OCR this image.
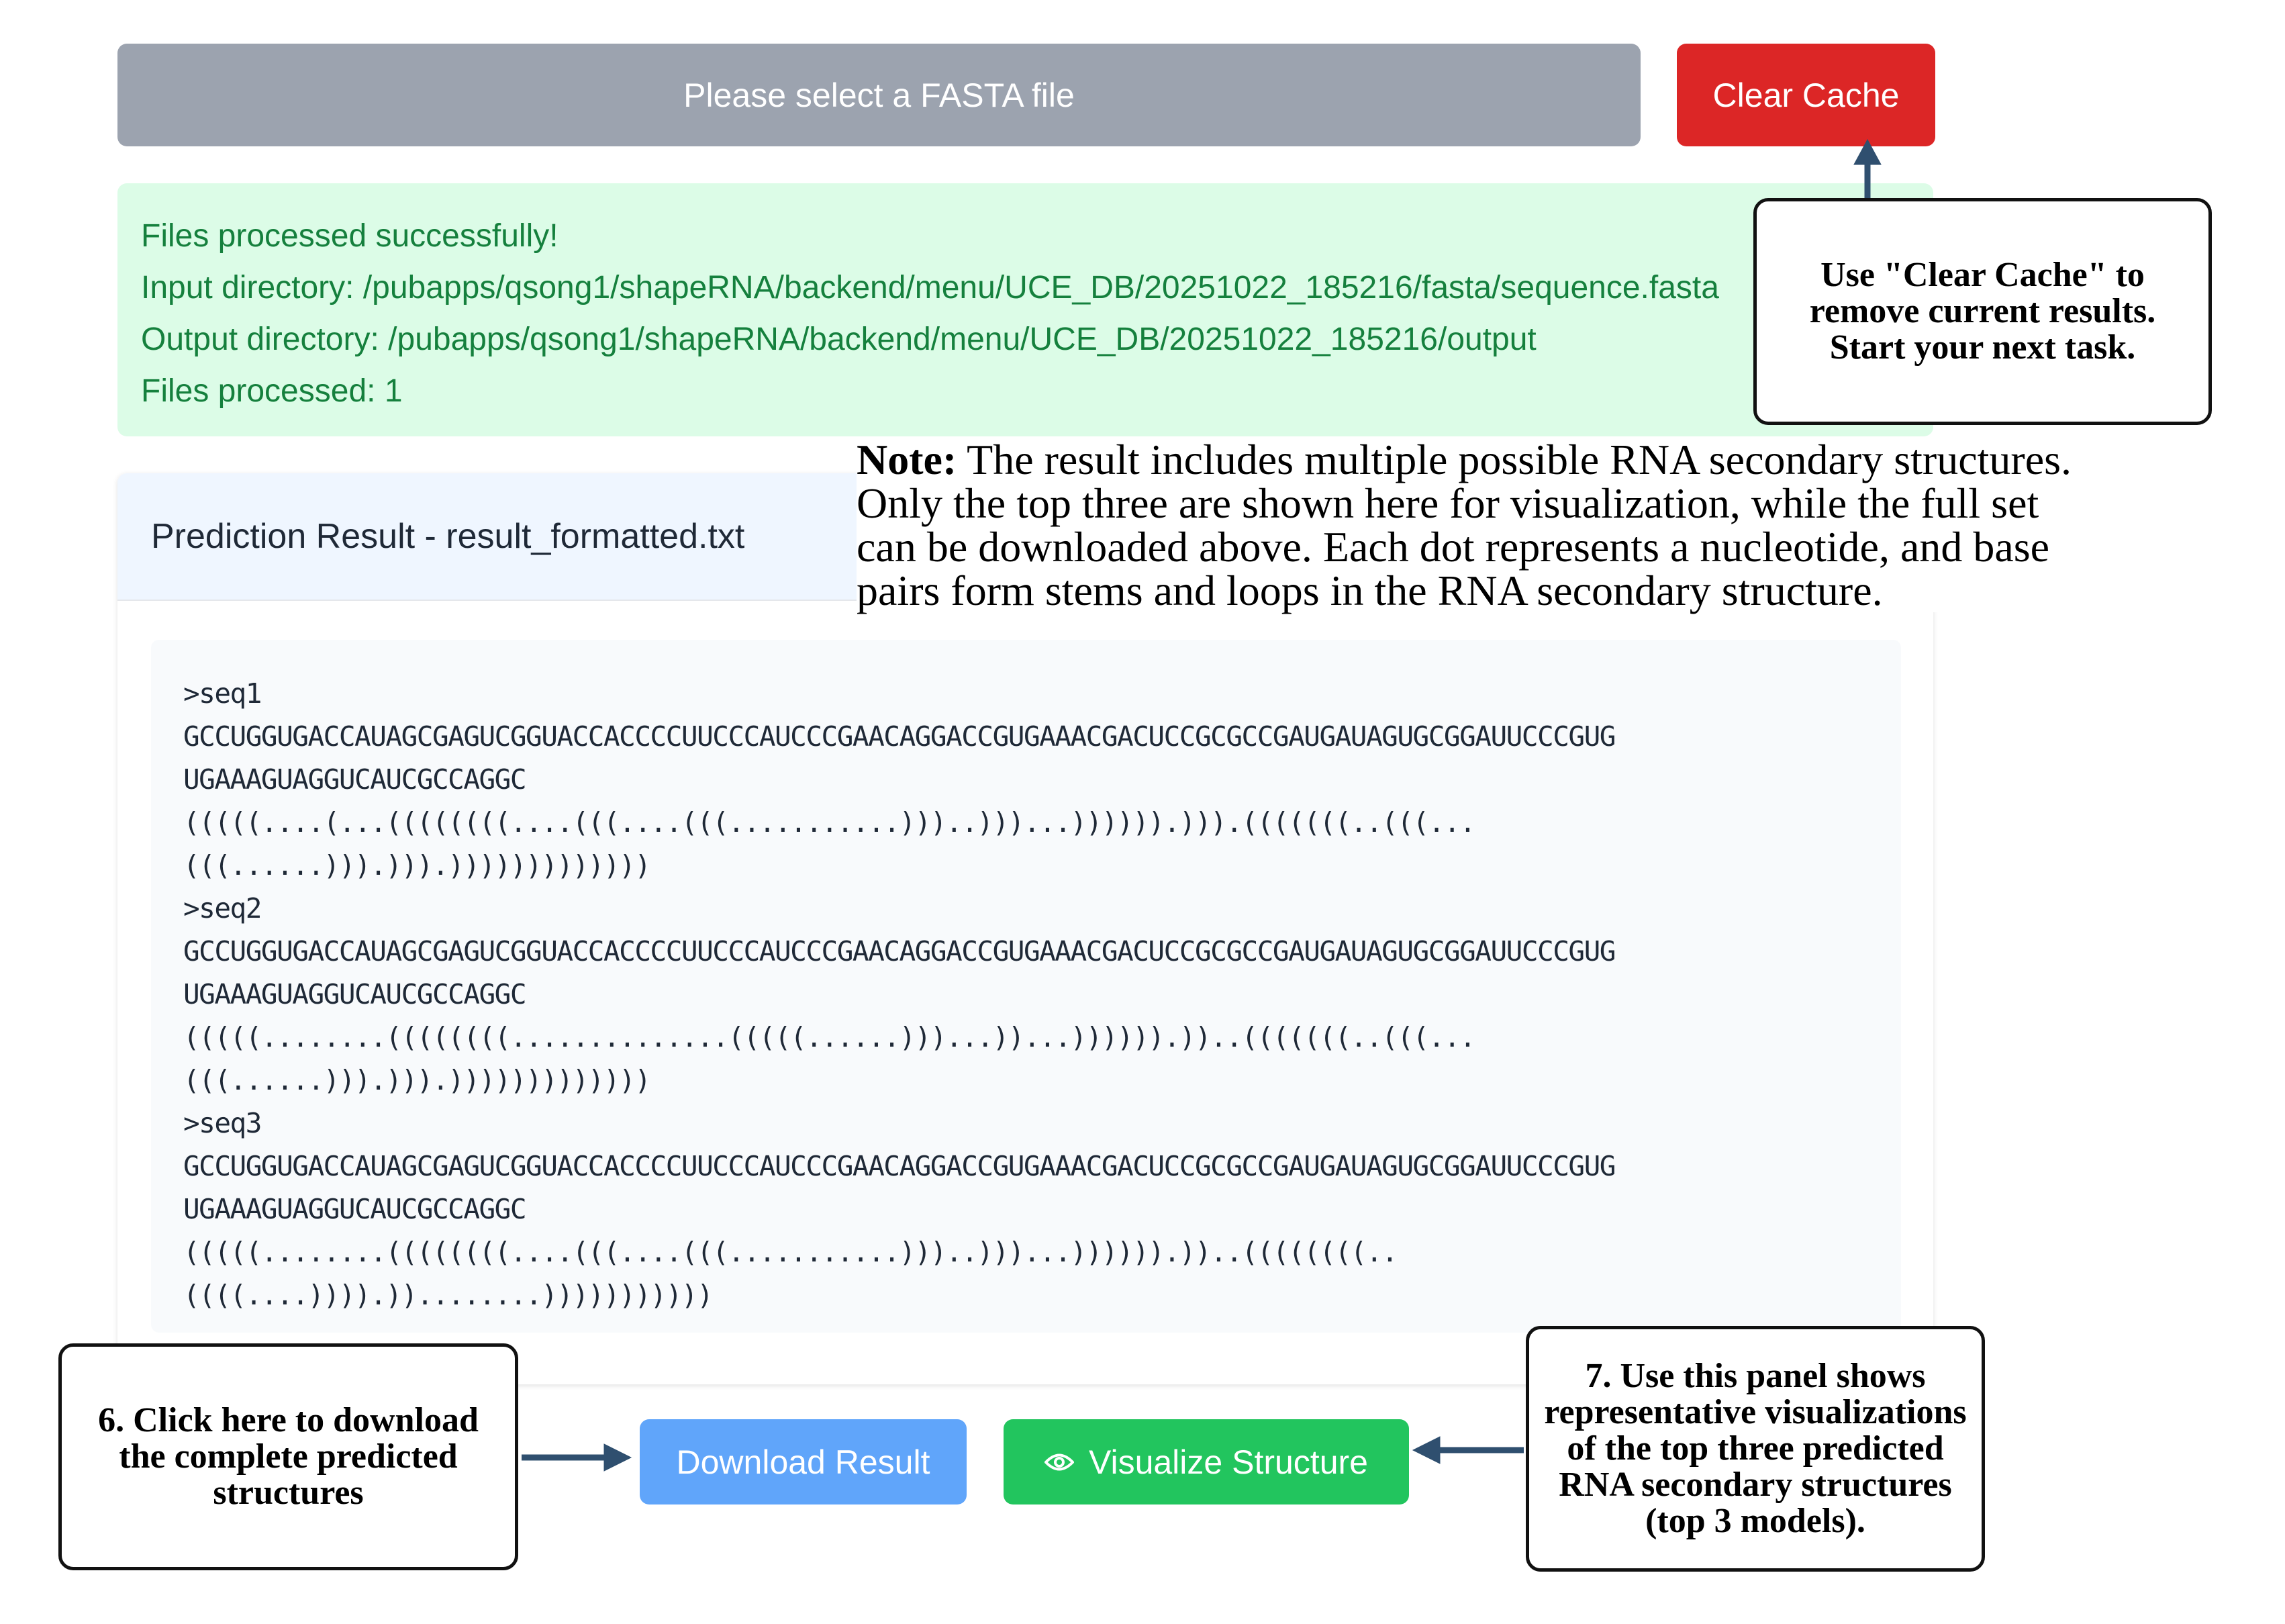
Please select a FASTA file	Clear Cache
Files processed successfully!
Input directory: /pubapps/qsong1/shapeRNA/backend/menu/UCE_DB/20251022_185216/fasta/sequence.fasta
Output directory: /pubapps/qsong1/shapeRNA/backend/menu/UCE_DB/20251022_185216/output
Files processed: 1
Prediction Result - result_formatted.txt
>seq1
GCCUGGUGACCAUAGCGAGUCGGUACCACCCCUUCCCAUCCCGAACAGGACCGUGAAACGACUCCGCGCCGAUGAUAGUGCGGAUUCCCGUG
UGAAAGUAGGUCAUCGCCAGGC
(((((....(...((((((((....(((....(((...........)))..)))...)))))).))).(((((((..(((...
(((......))).))).)))))))))))))
>seq2
GCCUGGUGACCAUAGCGAGUCGGUACCACCCCUUCCCAUCCCGAACAGGACCGUGAAACGACUCCGCGCCGAUGAUAGUGCGGAUUCCCGUG
UGAAAGUAGGUCAUCGCCAGGC
(((((........((((((((..............(((((......)))...))...)))))).))..(((((((..(((...
(((......))).))).)))))))))))))
>seq3
GCCUGGUGACCAUAGCGAGUCGGUACCACCCCUUCCCAUCCCGAACAGGACCGUGAAACGACUCCGCGCCGAUGAUAGUGCGGAUUCCCGUG
UGAAAGUAGGUCAUCGCCAGGC
(((((........((((((((....(((....(((...........)))..)))...)))))).))..((((((((..
((((....)))).))........)))))))))))
Note: The result includes multiple possible RNA secondary structures. Only the top three are shown here for visualization, while the full set can be downloaded above. Each dot represents a nucleotide, and base pairs form stems and loops in the RNA secondary structure.
Download Result	Visualize Structure
Use "Clear Cache" to remove current results. Start your next task.
6. Click here to download the complete predicted structures
7. Use this panel shows representative visualizations of the top three predicted RNA secondary structures (top 3 models).
